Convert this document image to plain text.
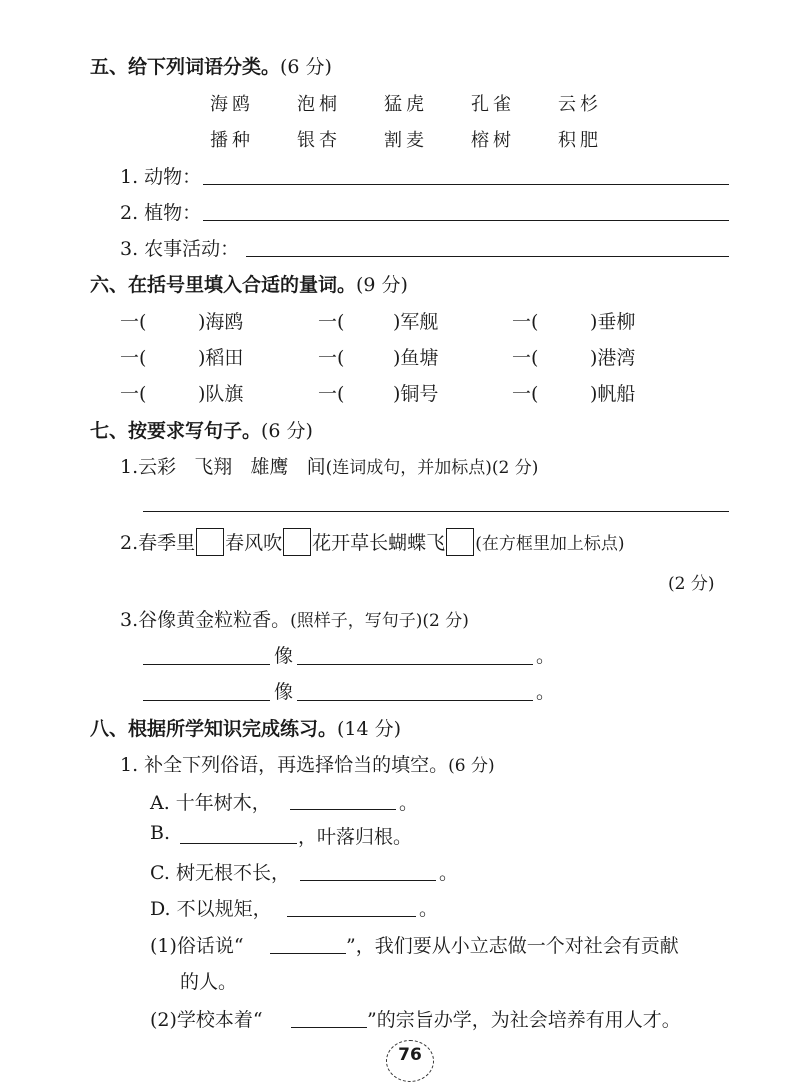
五、给下列词语分类。(6 分)
海鸥 泡桐 猛虎 孔雀 云杉
播种 银杏 割麦 榕树 积肥
1. 动物：
2. 植物：
3. 农事活动：
六、在括号里填入合适的量词。(9 分)
一(	)海鸥	一(	)军舰	一(	)垂柳
一(	)稻田	一(	)鱼塘	一(	)港湾
一(	)队旗	一(	)铜号	一(	)帆船
七、按要求写句子。(6 分)
1.云彩 飞翔 雄鹰 间(连词成句，并加标点)(2 分)
2.春季里 春风吹 花开草长蝴蝶飞 (在方框里加上标点)
(2 分)
3.谷像黄金粒粒香。(照样子，写句子)(2 分)
像	。
像	。
八、根据所学知识完成练习。(14 分)
1. 补全下列俗语，再选择恰当的填空。(6 分)
A. 十年树木，	。
B.	，叶落归根。
C. 树无根不长，	。
D. 不以规矩，	。
(1)俗话说“	”，我们要从小立志做一个对社会有贡献
的人。
(2)学校本着“	”的宗旨办学，为社会培养有用人才。
76
